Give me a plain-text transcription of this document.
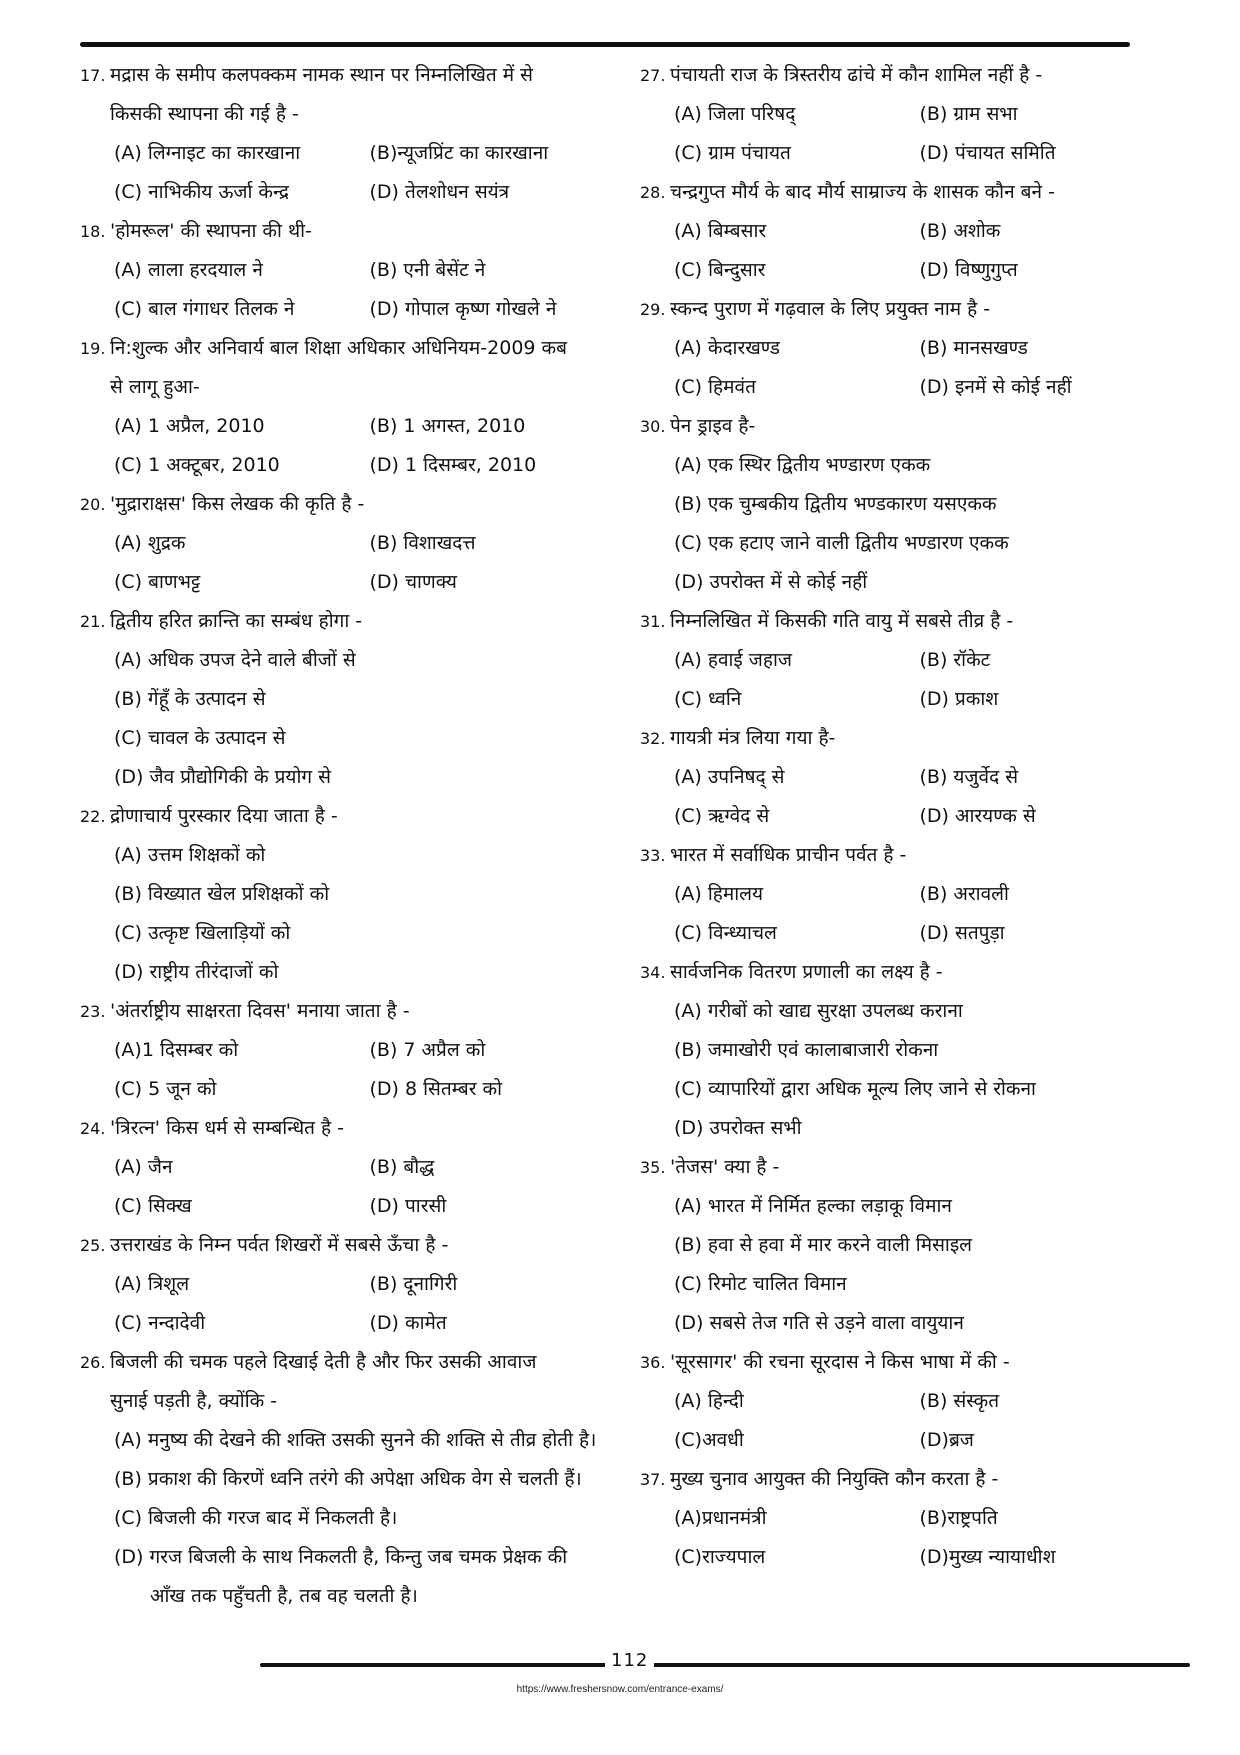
17. मद्रास के समीप कलपक्कम नामक स्थान पर निम्नलिखित में से
किसकी स्थापना की गई है -
(A) लिग्नाइट का कारखाना	(B)न्यूजप्रिंट का कारखाना
(C) नाभिकीय ऊर्जा केन्द्र	(D) तेलशोधन सयंत्र
18. 'होमरूल' की स्थापना की थी-
(A) लाला हरदयाल ने	(B) एनी बेसेंट ने
(C) बाल गंगाधर तिलक ने	(D) गोपाल कृष्ण गोखले ने
19. नि:शुल्क और अनिवार्य बाल शिक्षा अधिकार अधिनियम-2009 कब
से लागू हुआ-
(A) 1 अप्रैल, 2010	(B) 1 अगस्त, 2010
(C) 1 अक्टूबर, 2010	(D) 1 दिसम्बर, 2010
20. 'मुद्राराक्षस' किस लेखक की कृति है -
(A) शुद्रक	(B) विशाखदत्त
(C) बाणभट्ट	(D) चाणक्य
21. द्वितीय हरित क्रान्ति का सम्बंध होगा -
(A) अधिक उपज देने वाले बीजों से
(B) गेंहूँ के उत्पादन से
(C) चावल के उत्पादन से
(D) जैव प्रौद्योगिकी के प्रयोग से
22. द्रोणाचार्य पुरस्कार दिया जाता है -
(A) उत्तम शिक्षकों को
(B) विख्यात खेल प्रशिक्षकों को
(C) उत्कृष्ट खिलाड़ियों को
(D) राष्ट्रीय तीरंदाजों को
23. 'अंतर्राष्ट्रीय साक्षरता दिवस' मनाया जाता है -
(A)1 दिसम्बर को	(B) 7 अप्रैल को
(C) 5 जून को	(D) 8 सितम्बर को
24. 'त्रिरत्न' किस धर्म से सम्बन्धित है -
(A) जैन	(B) बौद्ध
(C) सिक्ख	(D) पारसी
25. उत्तराखंड के निम्न पर्वत शिखरों में सबसे ऊँचा है -
(A) त्रिशूल	(B) दूनागिरी
(C) नन्दादेवी	(D) कामेत
26. बिजली की चमक पहले दिखाई देती है और फिर उसकी आवाज
सुनाई पड़ती है, क्योंकि -
(A) मनुष्य की देखने की शक्ति उसकी सुनने की शक्ति से तीव्र होती है।
(B) प्रकाश की किरणें ध्वनि तरंगे की अपेक्षा अधिक वेग से चलती हैं।
(C) बिजली की गरज बाद में निकलती है।
(D) गरज बिजली के साथ निकलती है, किन्तु जब चमक प्रेक्षक की
आँख तक पहुँचती है, तब वह चलती है।
27. पंचायती राज के त्रिस्तरीय ढांचे में कौन शामिल नहीं है -
(A) जिला परिषद्	(B) ग्राम सभा
(C) ग्राम पंचायत	(D) पंचायत समिति
28. चन्द्रगुप्त मौर्य के बाद मौर्य साम्राज्य के शासक कौन बने -
(A) बिम्बसार	(B) अशोक
(C) बिन्दुसार	(D) विष्णुगुप्त
29. स्कन्द पुराण में गढ़वाल के लिए प्रयुक्त नाम है -
(A) केदारखण्ड	(B) मानसखण्ड
(C) हिमवंत	(D) इनमें से कोई नहीं
30. पेन ड्राइव है-
(A) एक स्थिर द्वितीय भण्डारण एकक
(B) एक चुम्बकीय द्वितीय भण्डकारण यसएकक
(C) एक हटाए जाने वाली द्वितीय भण्डारण एकक
(D) उपरोक्त में से कोई नहीं
31. निम्नलिखित में किसकी गति वायु में सबसे तीव्र है -
(A) हवाई जहाज	(B) रॉकेट
(C) ध्वनि	(D) प्रकाश
32. गायत्री मंत्र लिया गया है-
(A) उपनिषद् से	(B) यजुर्वेद से
(C) ऋग्वेद से	(D) आरयण्क से
33. भारत में सर्वाधिक प्राचीन पर्वत है -
(A) हिमालय	(B) अरावली
(C) विन्ध्याचल	(D) सतपुड़ा
34. सार्वजनिक वितरण प्रणाली का लक्ष्य है -
(A) गरीबों को खाद्य सुरक्षा उपलब्ध कराना
(B) जमाखोरी एवं कालाबाजारी रोकना
(C) व्यापारियों द्वारा अधिक मूल्य लिए जाने से रोकना
(D) उपरोक्त सभी
35. 'तेजस' क्या है -
(A) भारत में निर्मित हल्का लड़ाकू विमान
(B) हवा से हवा में मार करने वाली मिसाइल
(C) रिमोट चालित विमान
(D) सबसे तेज गति से उड़ने वाला वायुयान
36. 'सूरसागर' की रचना सूरदास ने किस भाषा में की -
(A) हिन्दी	(B) संस्कृत
(C)अवधी	(D)ब्रज
37. मुख्य चुनाव आयुक्त की नियुक्ति कौन करता है -
(A)प्रधानमंत्री	(B)राष्ट्रपति
(C)राज्यपाल	(D)मुख्य न्यायाधीश
112
https://www.freshersnow.com/entrance-exams/
